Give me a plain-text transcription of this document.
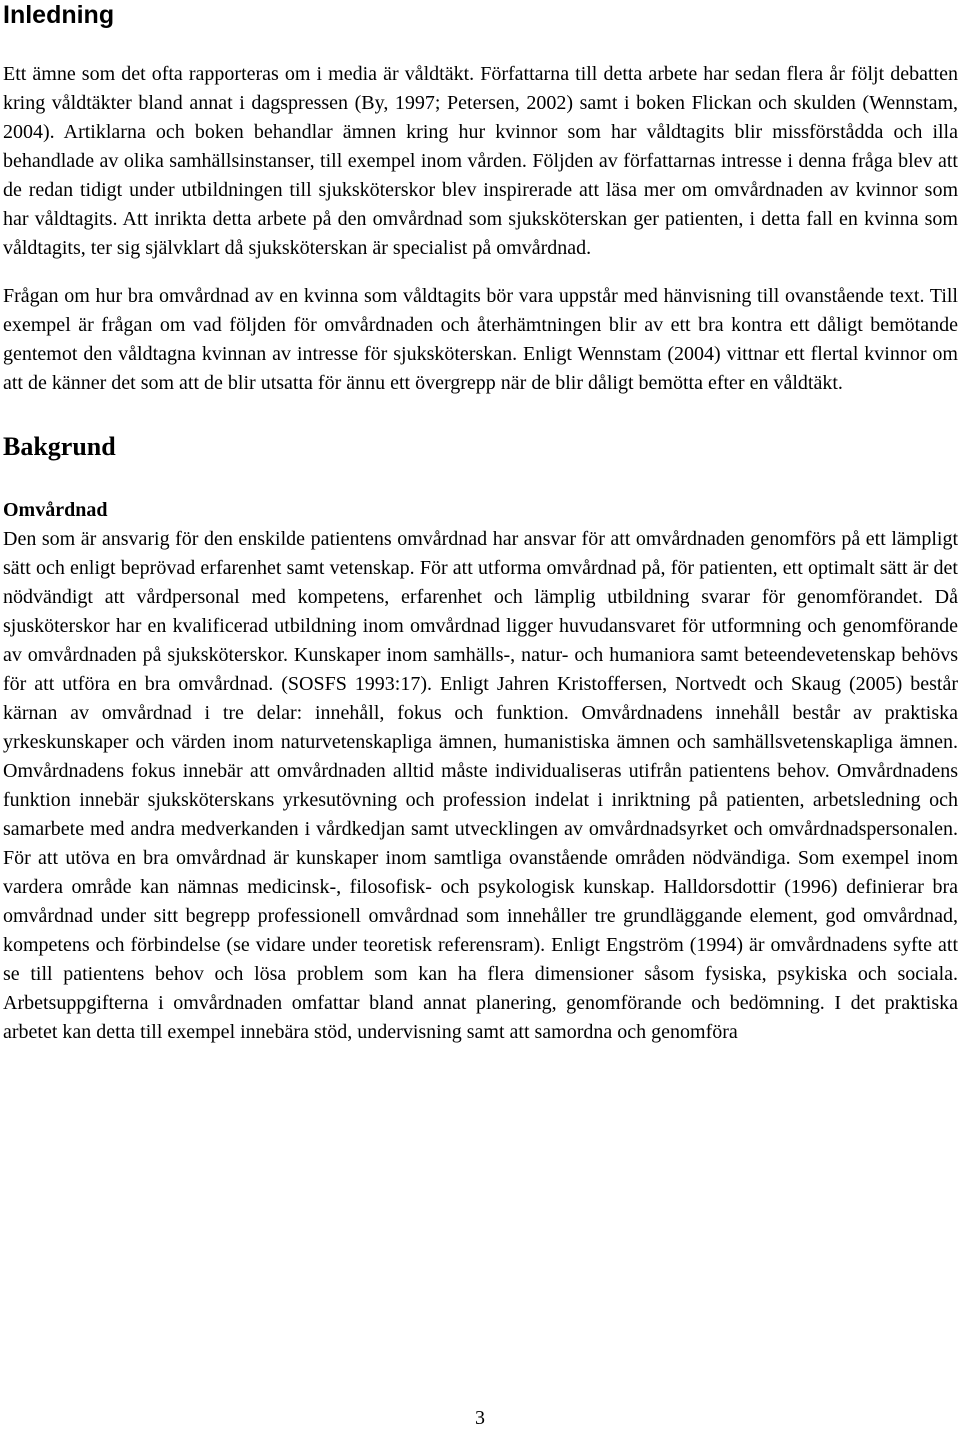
Inledning

Ett ämne som det ofta rapporteras om i media är våldtäkt. Författarna till detta arbete har sedan flera år följt debatten kring våldtäkter bland annat i dagspressen (By, 1997; Petersen, 2002) samt i boken Flickan och skulden (Wennstam, 2004). Artiklarna och boken behandlar ämnen kring hur kvinnor som har våldtagits blir missförstådda och illa behandlade av olika samhällsinstanser, till exempel inom vården. Följden av författarnas intresse i denna fråga blev att de redan tidigt under utbildningen till sjuksköterskor blev inspirerade att läsa mer om omvårdnaden av kvinnor som har våldtagits. Att inrikta detta arbete på den omvårdnad som sjuksköterskan ger patienten, i detta fall en kvinna som våldtagits, ter sig självklart då sjuksköterskan är specialist på omvårdnad.

Frågan om hur bra omvårdnad av en kvinna som våldtagits bör vara uppstår med hänvisning till ovanstående text. Till exempel är frågan om vad följden för omvårdnaden och återhämtningen blir av ett bra kontra ett dåligt bemötande gentemot den våldtagna kvinnan av intresse för sjuksköterskan. Enligt Wennstam (2004) vittnar ett flertal kvinnor om att de känner det som att de blir utsatta för ännu ett övergrepp när de blir dåligt bemötta efter en våldtäkt.

Bakgrund
Omvårdnad

Den som är ansvarig för den enskilde patientens omvårdnad har ansvar för att omvårdnaden genomförs på ett lämpligt sätt och enligt beprövad erfarenhet samt vetenskap. För att utforma omvårdnad på, för patienten, ett optimalt sätt är det nödvändigt att vårdpersonal med kompetens, erfarenhet och lämplig utbildning svarar för genomförandet. Då sjusköterskor har en kvalificerad utbildning inom omvårdnad ligger huvudansvaret för utformning och genomförande av omvårdnaden på sjuksköterskor. Kunskaper inom samhälls-, natur- och humaniora samt beteendevetenskap behövs för att utföra en bra omvårdnad. (SOSFS 1993:17). Enligt Jahren Kristoffersen, Nortvedt och Skaug (2005) består kärnan av omvårdnad i tre delar: innehåll, fokus och funktion. Omvårdnadens innehåll består av praktiska yrkeskunskaper och värden inom naturvetenskapliga ämnen, humanistiska ämnen och samhällsvetenskapliga ämnen. Omvårdnadens fokus innebär att omvårdnaden alltid måste individualiseras utifrån patientens behov. Omvårdnadens funktion innebär sjuksköterskans yrkesutövning och profession indelat i inriktning på patienten, arbetsledning och samarbete med andra medverkanden i vårdkedjan samt utvecklingen av omvårdnadsyrket och omvårdnadspersonalen. För att utöva en bra omvårdnad är kunskaper inom samtliga ovanstående områden nödvändiga. Som exempel inom vardera område kan nämnas medicinsk-, filosofisk- och psykologisk kunskap. Halldorsdottir (1996) definierar bra omvårdnad under sitt begrepp professionell omvårdnad som innehåller tre grundläggande element, god omvårdnad, kompetens och förbindelse (se vidare under teoretisk referensram). Enligt Engström (1994) är omvårdnadens syfte att se till patientens behov och lösa problem som kan ha flera dimensioner såsom fysiska, psykiska och sociala. Arbetsuppgifterna i omvårdnaden omfattar bland annat planering, genomförande och bedömning. I det praktiska arbetet kan detta till exempel innebära stöd, undervisning samt att samordna och genomföra

3
